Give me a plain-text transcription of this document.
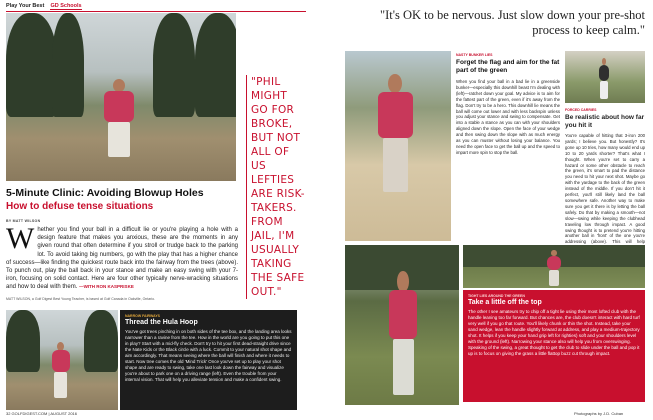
Play Your Best GD Schools
"PHIL MIGHT GO FOR BROKE, BUT NOT ALL OF US LEFTIES ARE RISK-TAKERS. FROM JAIL, I'M USUALLY TAKING THE SAFE OUT."
5-Minute Clinic: Avoiding Blowup Holes
How to defuse tense situations
BY MATT WILSON
Whether you find your ball in a difficult lie or you're playing a hole with a design feature that makes you anxious, these are the moments in any given round that often determine if you stroll or trudge back to the parking lot. To avoid taking big numbers, go with the play that has a higher chance of success—like finding the quickest route back into the fairway from the trees (above). To punch out, play the ball back in your stance and make an easy swing with your 7-iron, focusing on solid contact. Here are four other typically nerve-wracking situations and how to deal with them. —WITH RON KASPRISKE
MATT WILSON, a Golf Digest Best Young Teacher, is based at Golf Canada in Oakville, Ontario.
NARROW FAIRWAYS
Thread the Hula Hoop
You've got trees pinching in on both sides of the tee box, and the landing area looks narrower than a ravine from the tee. How in the world are you going to put this one in play? Start with a mid-fly check. Don't try to hit your first dead-straight drive since the Nate Kids or the Black circle with a luck. Commit to your natural shot shape and aim accordingly. That means seeing where the ball will finish and where it needs to start. Now tree comes the old 'Mind Trick' Once you've set up to play your shot shape and are ready to swing, take one last look down the fairway and visualize you're about to park one on a driving range (left). Even the trouble from your internal vision. That will help you alleviate tension and make a confident swing.
32 GOLFDIGEST.COM | AUGUST 2016
"It's OK to be nervous. Just slow down your pre-shot process to keep calm."
NASTY BUNKER LIES
Forget the flag and aim for the fat part of the green
When you find your ball in a bad lie in a greenside bunker—especially this downhill beast I'm dealing with (left)—ratchet down your goal. My advice is to aim for the fattest part of the green, even if it's away from the flag. Don't try to be a hero. This downhill lie means the ball will come out lower and with less backspin unless you adjust your stance and swing to compensate. Get into a stable a stance as you can with your shoulders aligned down the slope. Open the face of your wedge and then swing down the slope with as much energy as you can muster without losing your balance. You need the open face to get the ball up and the speed to impart more spin to stop the ball.
FORCED CARRIES
Be realistic about how far you hit it
You're capable of hitting that 3-iron 200 yards; I believe you. But honestly? It's gone up 10 tries, how many would end up 10 to 20 yards shorter? That's what I thought. When you're set to carry a hazard or some other obstacle to reach the green, it's smart to pad the distance you need to hit your next shot. Maybe go with the yardage to the back of the green instead of the middle. If you don't hit it perfect, you'll still likely land the ball somewhere safe. Another way to make sure you get it there is by letting the ball safely. Do that by making a smooth—not slow—swing while keeping the clubhead traveling low through impact. A good swing thought is to pretend you're hitting another ball in 'front' of the one you're addressing (above). This will help
TIGHT LIES AROUND THE GREEN
Take a little off the top
The other I see amateurs try to chip off a tight lie using their most lofted club with the handle leaning too far forward. But chances are, the club doesn't interact with hard turf very well if you go that route. You'll likely chunk or thin the shot. Instead, take your sand wedge, lean the handle slightly forward at address, and play a medium-trajectory shot. It helps if you keep your hand grip left for righties) soft and your shoulders level with the ground (left). Narrowing your stance also will help you from overswinging. Speaking of the swing, a great thought to get the club to slide under the ball and pop it up is to focus on giving the grass a little flattop buzz cut through impact.
Photographs by J.D. Cuban
